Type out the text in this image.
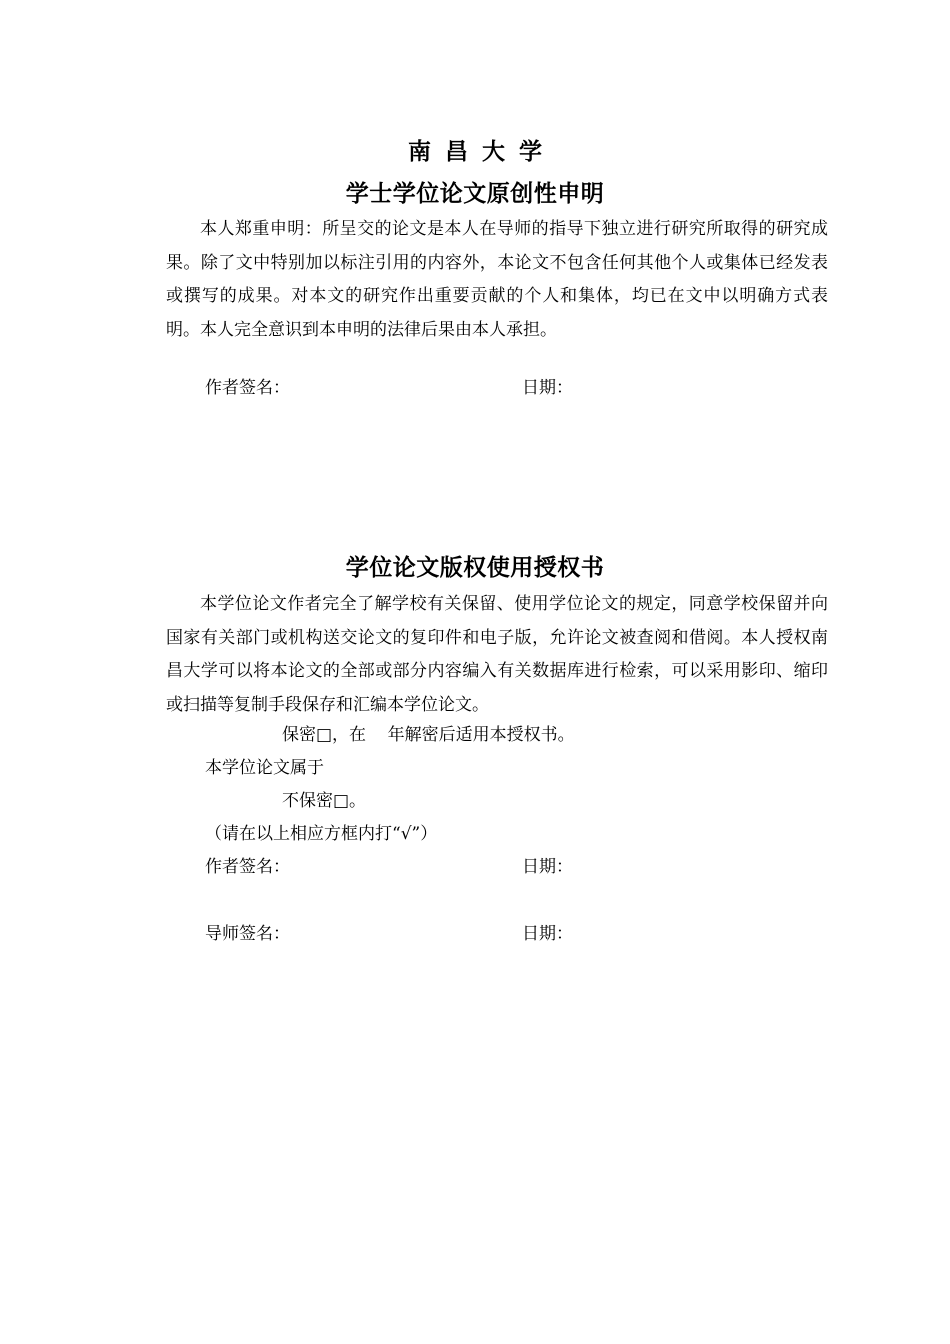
南昌大学
学士学位论文原创性申明

本人郑重申明：所呈交的论文是本人在导师的指导下独立进行研究所取得的研究成果。除了文中特别加以标注引用的内容外，本论文不包含任何其他个人或集体已经发表或撰写的成果。对本文的研究作出重要贡献的个人和集体，均已在文中以明确方式表明。本人完全意识到本申明的法律后果由本人承担。

作者签名：	日期：
学位论文版权使用授权书

本学位论文作者完全了解学校有关保留、使用学位论文的规定，同意学校保留并向国家有关部门或机构送交论文的复印件和电子版，允许论文被查阅和借阅。本人授权南昌大学可以将本论文的全部或部分内容编入有关数据库进行检索，可以采用影印、缩印或扫描等复制手段保存和汇编本学位论文。

保密□，在    年解密后适用本授权书。
本学位论文属于
不保密□。
（请在以上相应方框内打“√”）
作者签名：	日期：
导师签名：	日期：
